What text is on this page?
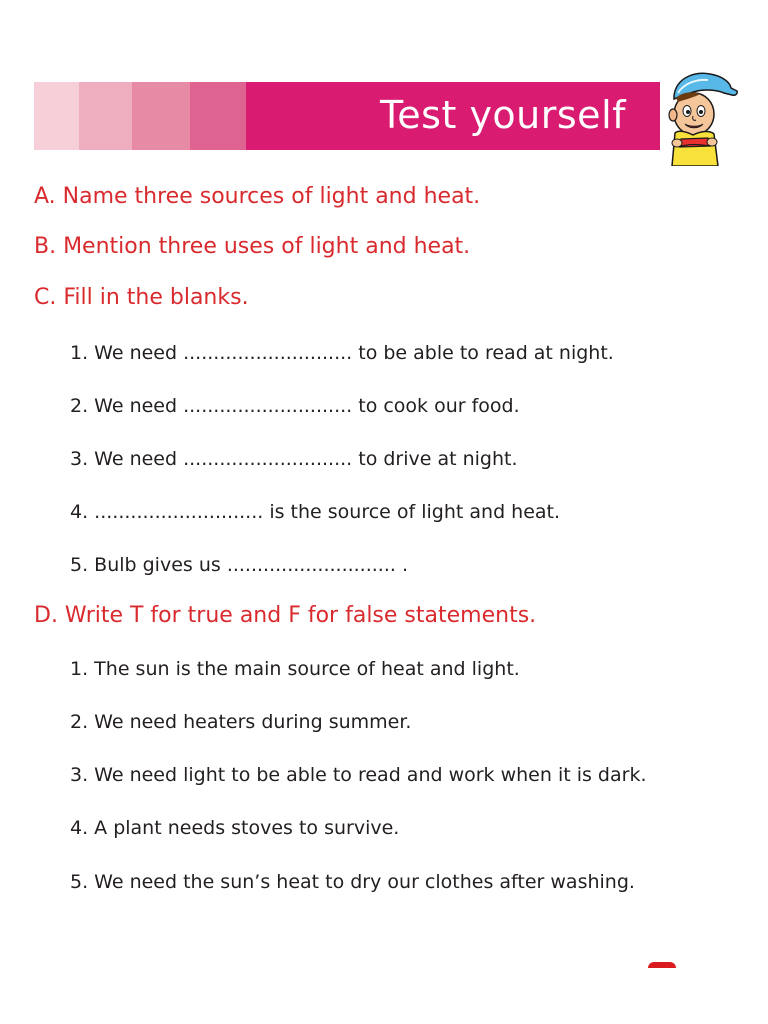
Test yourself
A. Name three sources of light and heat.
B. Mention three uses of light and heat.
C. Fill in the blanks.
1. We need ............................ to be able to read at night.
2. We need ............................ to cook our food.
3. We need ............................ to drive at night.
4. ............................ is the source of light and heat.
5. Bulb gives us ............................ .
D. Write T for true and F for false statements.
1. The sun is the main source of heat and light.
2. We need heaters during summer.
3. We need light to be able to read and work when it is dark.
4. A plant needs stoves to survive.
5. We need the sun’s heat to dry our clothes after washing.
